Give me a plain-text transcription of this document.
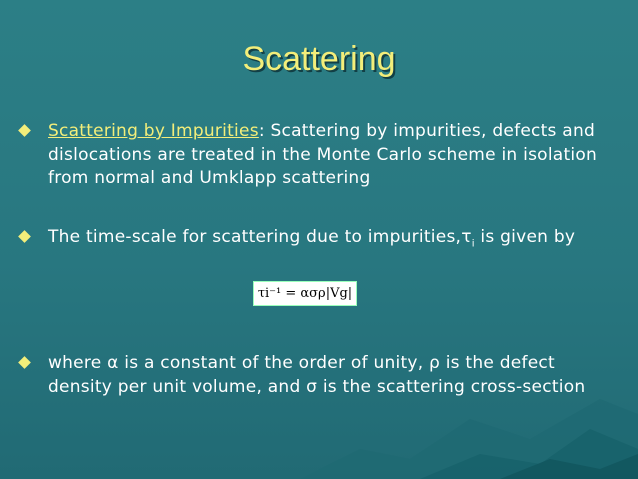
Scattering
Scattering by Impurities: Scattering by impurities, defects and dislocations are treated in the Monte Carlo scheme in isolation from normal and Umklapp scattering
The time-scale for scattering due to $impurities,\tau_i$ is given by
τi⁻¹ = ασρ|Vg|
where α is a constant of the order of unity, ρ is the defect density per unit volume, and σ is the scattering cross-section
